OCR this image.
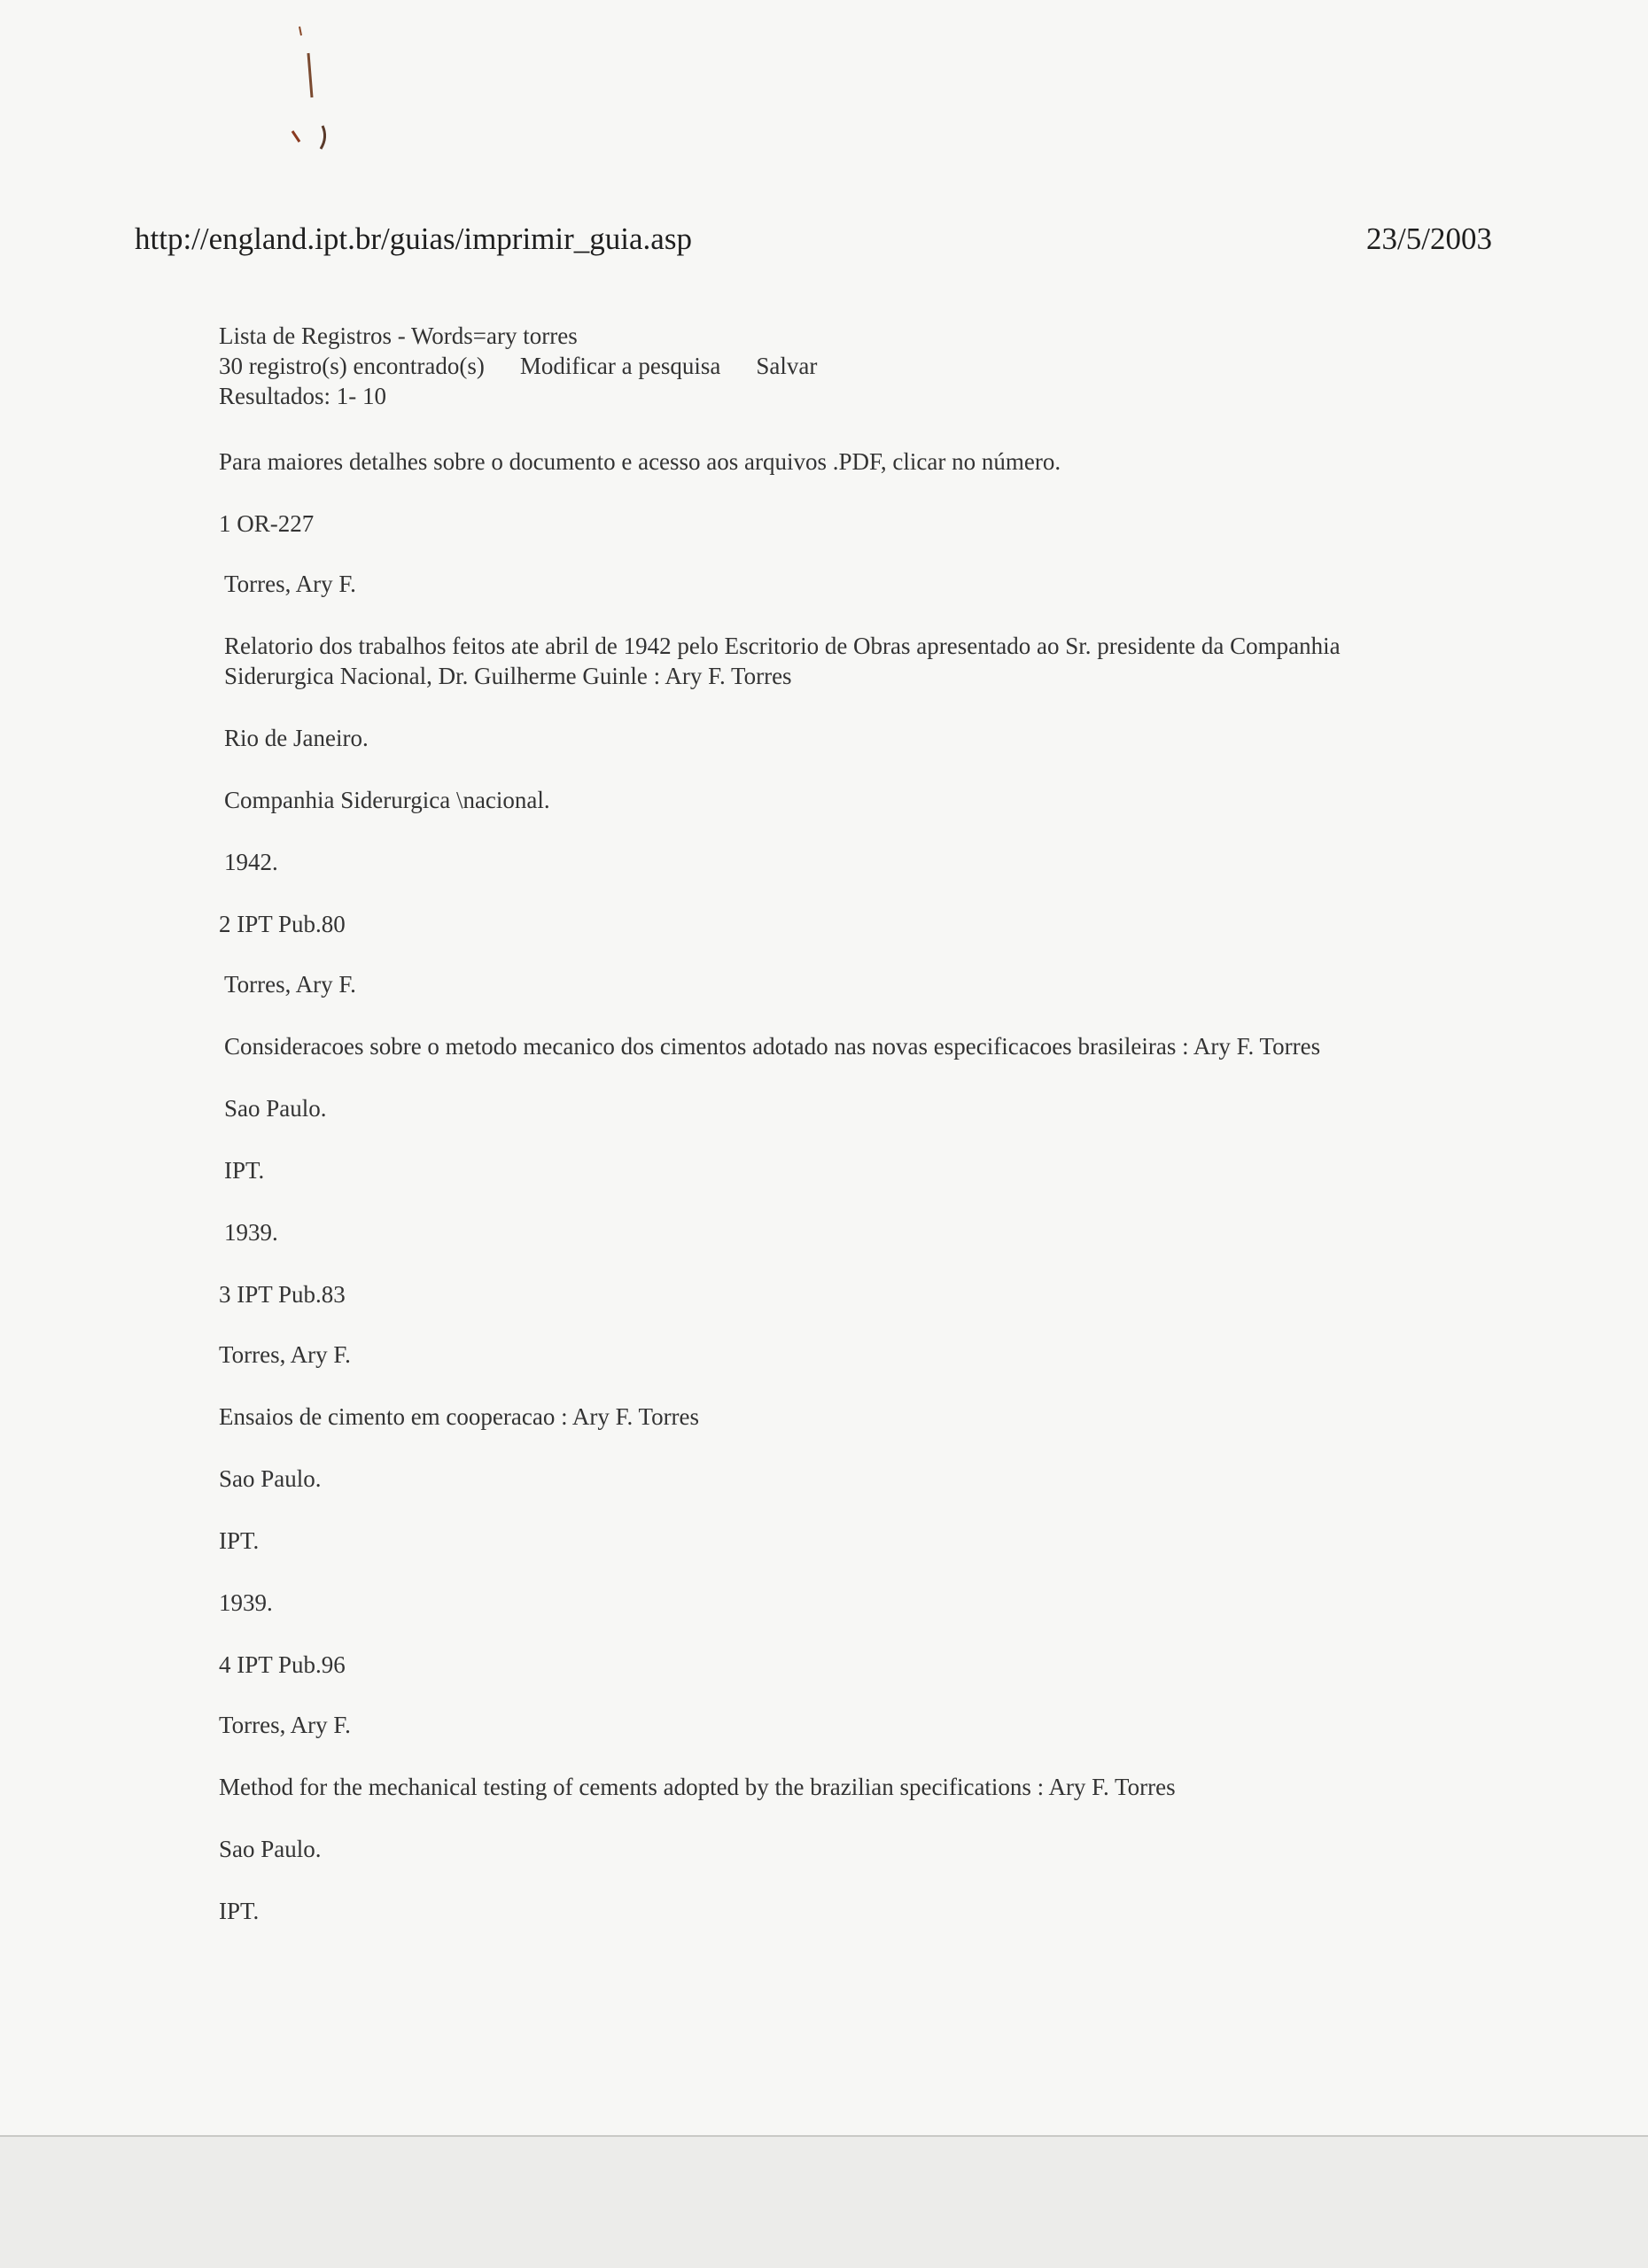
http://england.ipt.br/guias/imprimir_guia.asp	23/5/2003
Lista de Registros - Words=ary torres
30 registro(s) encontrado(s) Modificar a pesquisa Salvar
Resultados: 1- 10
Para maiores detalhes sobre o documento e acesso aos arquivos .PDF, clicar no número.
1 OR-227
Torres, Ary F.
Relatorio dos trabalhos feitos ate abril de 1942 pelo Escritorio de Obras apresentado ao Sr. presidente da Companhia Siderurgica Nacional, Dr. Guilherme Guinle : Ary F. Torres
Rio de Janeiro.
Companhia Siderurgica \nacional.
1942.
2 IPT Pub.80
Torres, Ary F.
Consideracoes sobre o metodo mecanico dos cimentos adotado nas novas especificacoes brasileiras : Ary F. Torres
Sao Paulo.
IPT.
1939.
3 IPT Pub.83
Torres, Ary F.
Ensaios de cimento em cooperacao : Ary F. Torres
Sao Paulo.
IPT.
1939.
4 IPT Pub.96
Torres, Ary F.
Method for the mechanical testing of cements adopted by the brazilian specifications : Ary F. Torres
Sao Paulo.
IPT.
